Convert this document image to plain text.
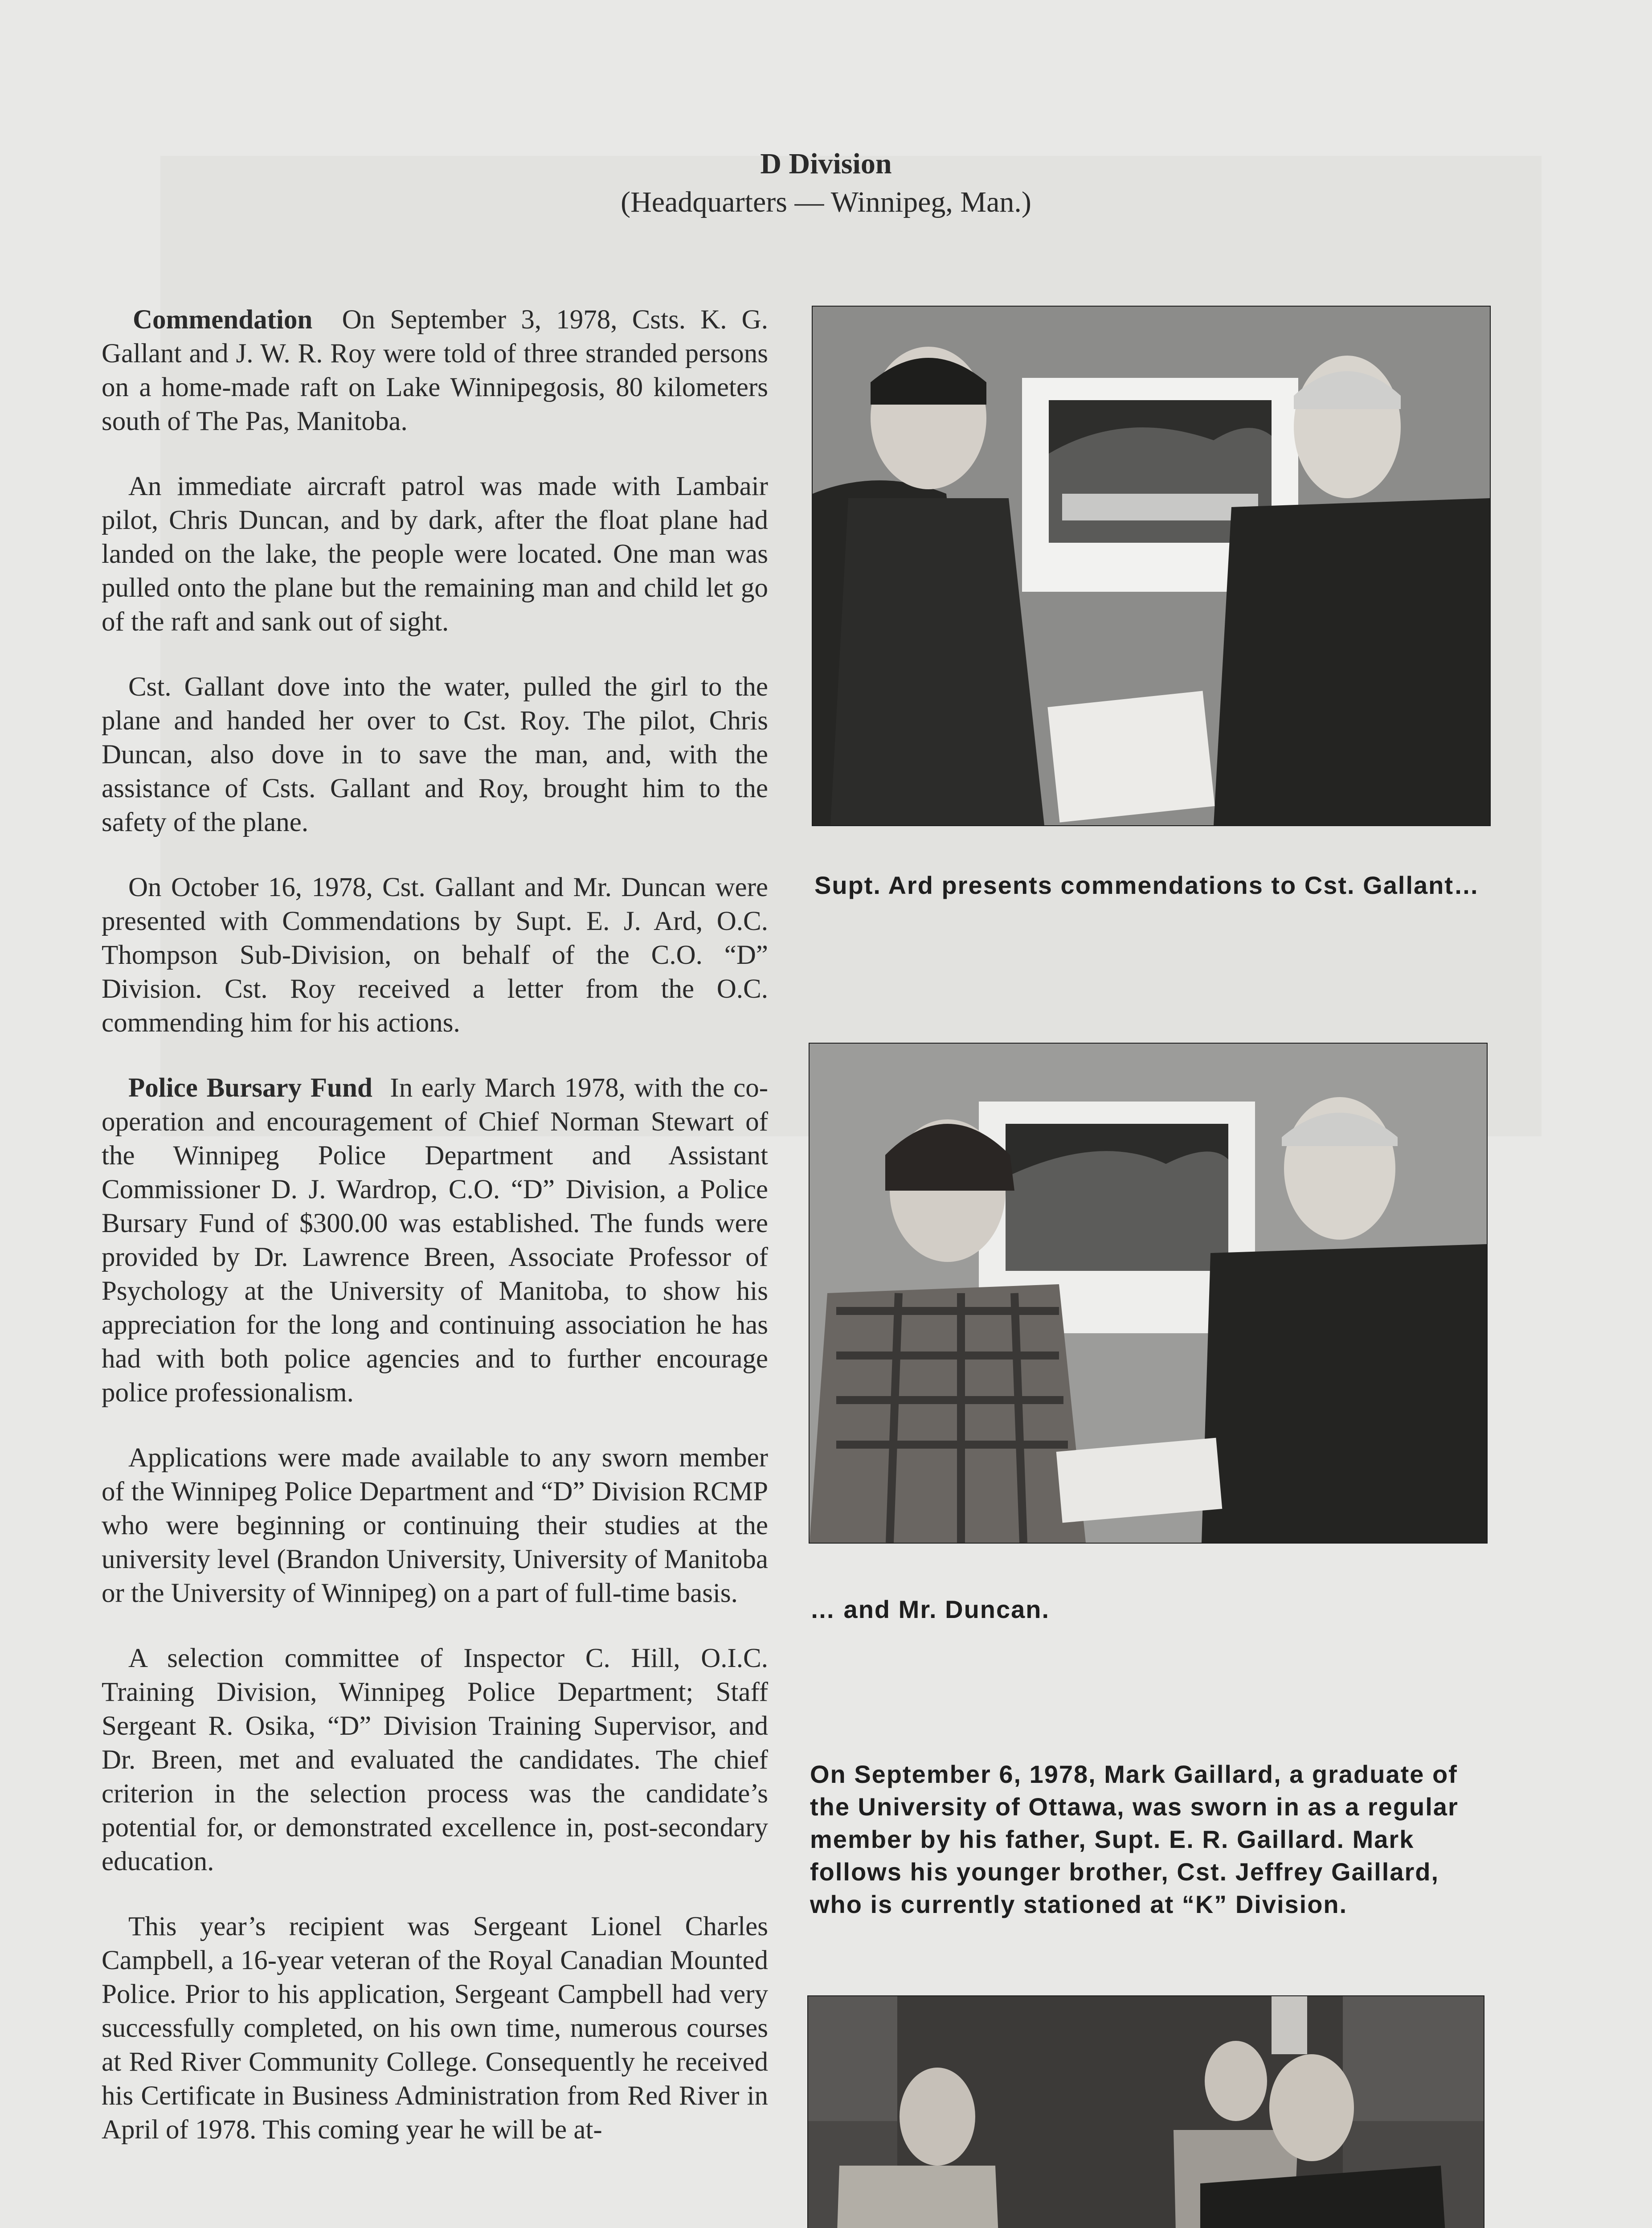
D Division
(Headquarters — Winnipeg, Man.)

Commendation On September 3, 1978, Csts. K. G. Gallant and J. W. R. Roy were told of three stranded persons on a home-made raft on Lake Winnipegosis, 80 kilometers south of The Pas, Manitoba.

An immediate aircraft patrol was made with Lambair pilot, Chris Duncan, and by dark, after the float plane had landed on the lake, the people were located. One man was pulled onto the plane but the remaining man and child let go of the raft and sank out of sight.

Cst. Gallant dove into the water, pulled the girl to the plane and handed her over to Cst. Roy. The pilot, Chris Duncan, also dove in to save the man, and, with the assistance of Csts. Gallant and Roy, brought him to the safety of the plane.

On October 16, 1978, Cst. Gallant and Mr. Duncan were presented with Commendations by Supt. E. J. Ard, O.C. Thompson Sub-Division, on behalf of the C.O. “D” Division. Cst. Roy received a letter from the O.C. commending him for his actions.

Police Bursary Fund In early March 1978, with the co-operation and encouragement of Chief Norman Stewart of the Winnipeg Police Department and Assistant Commissioner D. J. Wardrop, C.O. “D” Division, a Police Bursary Fund of $300.00 was established. The funds were provided by Dr. Lawrence Breen, Associate Professor of Psychology at the University of Manitoba, to show his appreciation for the long and continuing association he has had with both police agencies and to further encourage police professionalism.

Applications were made available to any sworn member of the Winnipeg Police Department and “D” Division RCMP who were beginning or continuing their studies at the university level (Brandon University, University of Manitoba or the University of Winnipeg) on a part of full-time basis.

A selection committee of Inspector C. Hill, O.I.C. Training Division, Winnipeg Police Department; Staff Sergeant R. Osika, “D” Division Training Supervisor, and Dr. Breen, met and evaluated the candidates. The chief criterion in the selection process was the candidate’s potential for, or demonstrated excellence in, post-secondary education.

This year’s recipient was Sergeant Lionel Charles Campbell, a 16-year veteran of the Royal Canadian Mounted Police. Prior to his application, Sergeant Campbell had very successfully completed, on his own time, numerous courses at Red River Community College. Consequently he received his Certificate in Business Administration from Red River in April of 1978. This coming year he will be at-

Supt. Ard presents commendations to Cst. Gallant…
… and Mr. Duncan.
On September 6, 1978, Mark Gaillard, a graduate of the University of Ottawa, was sworn in as a regular member by his father, Supt. E. R. Gaillard. Mark follows his younger brother, Cst. Jeffrey Gaillard, who is currently stationed at “K” Division.
